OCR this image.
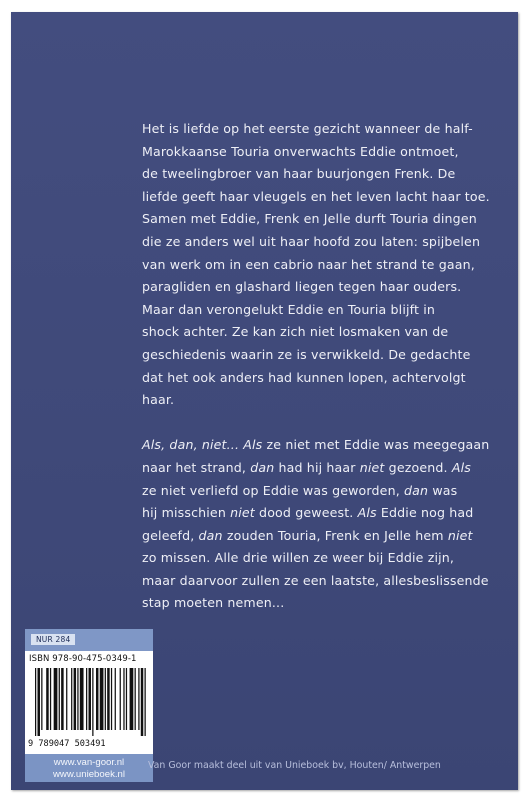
Het is liefde op het eerste gezicht wanneer de half-
Marokkaanse Touria onverwachts Eddie ontmoet,
de tweelingbroer van haar buurjongen Frenk. De
liefde geeft haar vleugels en het leven lacht haar toe.
Samen met Eddie, Frenk en Jelle durft Touria dingen
die ze anders wel uit haar hoofd zou laten: spijbelen
van werk om in een cabrio naar het strand te gaan,
paragliden en glashard liegen tegen haar ouders.
Maar dan verongelukt Eddie en Touria blijft in
shock achter. Ze kan zich niet losmaken van de
geschiedenis waarin ze is verwikkeld. De gedachte
dat het ook anders had kunnen lopen, achtervolgt
haar.

Als, dan, niet... Als ze niet met Eddie was meegegaan
naar het strand, dan had hij haar niet gezoend. Als
ze niet verliefd op Eddie was geworden, dan was
hij misschien niet dood geweest. Als Eddie nog had
geleefd, dan zouden Touria, Frenk en Jelle hem niet
zo missen. Alle drie willen ze weer bij Eddie zijn,
maar daarvoor zullen ze een laatste, allesbeslissende
stap moeten nemen...

NUR 284
ISBN 978-90-475-0349-1
9 789047 503491
www.van-goor.nl
www.unieboek.nl
Van Goor maakt deel uit van Unieboek bv, Houten/ Antwerpen
